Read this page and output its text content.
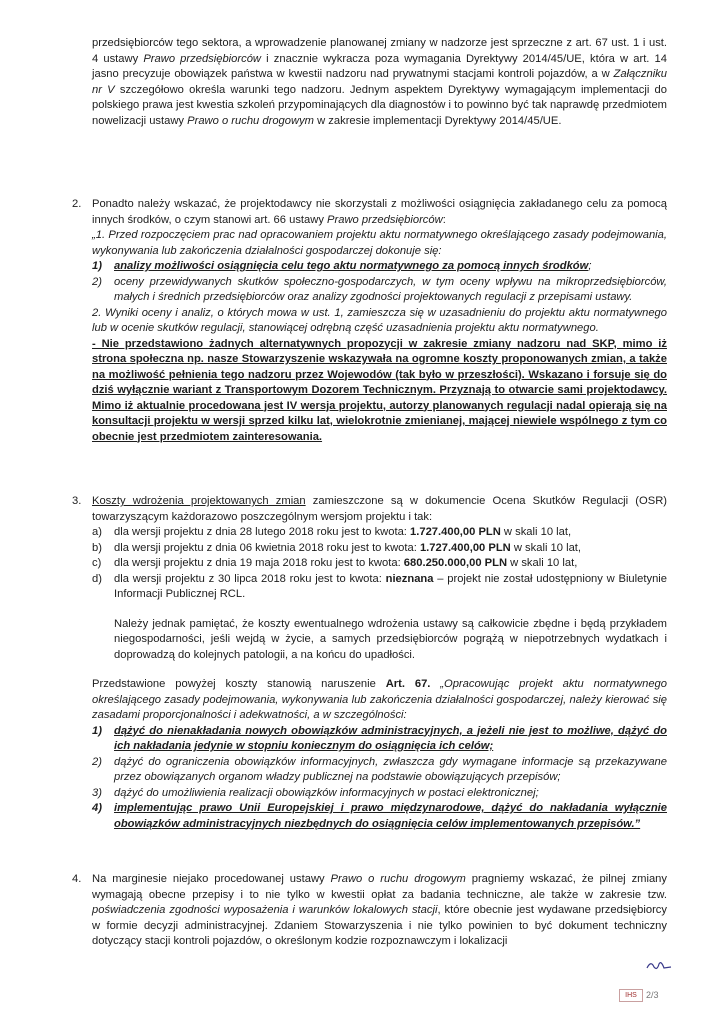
przedsiębiorców tego sektora, a wprowadzenie planowanej zmiany w nadzorze jest sprzeczne z art. 67 ust. 1 i ust. 4 ustawy Prawo przedsiębiorców i znacznie wykracza poza wymagania Dyrektywy 2014/45/UE, która w art. 14 jasno precyzuje obowiązek państwa w kwestii nadzoru nad prywatnymi stacjami kontroli pojazdów, a w Załączniku nr V szczegółowo określa warunki tego nadzoru. Jednym aspektem Dyrektywy wymagającym implementacji do polskiego prawa jest kwestia szkoleń przypominających dla diagnostów i to powinno być tak naprawdę przedmiotem nowelizacji ustawy Prawo o ruchu drogowym w zakresie implementacji Dyrektywy 2014/45/UE.

2. Ponadto należy wskazać, że projektodawcy nie skorzystali z możliwości osiągnięcia zakładanego celu za pomocą innych środków, o czym stanowi art. 66 ustawy Prawo przedsiębiorców:

„1. Przed rozpoczęciem prac nad opracowaniem projektu aktu normatywnego określającego zasady podejmowania, wykonywania lub zakończenia działalności gospodarczej dokonuje się:

1) analizy możliwości osiągnięcia celu tego aktu normatywnego za pomocą innych środków;
2) oceny przewidywanych skutków społeczno-gospodarczych, w tym oceny wpływu na mikroprzedsiębiorców, małych i średnich przedsiębiorców oraz analizy zgodności projektowanych regulacji z przepisami ustawy.

2. Wyniki oceny i analiz, o których mowa w ust. 1, zamieszcza się w uzasadnieniu do projektu aktu normatywnego lub w ocenie skutków regulacji, stanowiącej odrębną część uzasadnienia projektu aktu normatywnego.

- Nie przedstawiono żadnych alternatywnych propozycji w zakresie zmiany nadzoru nad SKP, mimo iż strona społeczna np. nasze Stowarzyszenie wskazywała na ogromne koszty proponowanych zmian, a także na możliwość pełnienia tego nadzoru przez Wojewodów (tak było w przeszłości). Wskazano i forsuje się do dziś wyłącznie wariant z Transportowym Dozorem Technicznym. Przyznają to otwarcie sami projektodawcy. Mimo iż aktualnie procedowana jest IV wersja projektu, autorzy planowanych regulacji nadal opierają się na konsultacji projektu w wersji sprzed kilku lat, wielokrotnie zmienianej, mającej niewiele wspólnego z tym co obecnie jest przedmiotem zainteresowania.

3. Koszty wdrożenia projektowanych zmian zamieszczone są w dokumencie Ocena Skutków Regulacji (OSR) towarzyszącym każdorazowo poszczególnym wersjom projektu i tak:

a) dla wersji projektu z dnia 28 lutego 2018 roku jest to kwota: 1.727.400,00 PLN w skali 10 lat,
b) dla wersji projektu z dnia 06 kwietnia 2018 roku jest to kwota: 1.727.400,00 PLN w skali 10 lat,
c) dla wersji projektu z dnia 19 maja 2018 roku jest to kwota: 680.250.000,00 PLN w skali 10 lat,
d) dla wersji projektu z 30 lipca 2018 roku jest to kwota: nieznana – projekt nie został udostępniony w Biuletynie Informacji Publicznej RCL.

Należy jednak pamiętać, że koszty ewentualnego wdrożenia ustawy są całkowicie zbędne i będą przykładem niegospodarności, jeśli wejdą w życie, a samych przedsiębiorców pogrążą w niepotrzebnych wydatkach i doprowadzą do kolejnych patologii, a na końcu do upadłości.

Przedstawione powyżej koszty stanowią naruszenie Art. 67. „Opracowując projekt aktu normatywnego określającego zasady podejmowania, wykonywania lub zakończenia działalności gospodarczej, należy kierować się zasadami proporcjonalności i adekwatności, a w szczególności:

1) dążyć do nienakładania nowych obowiązków administracyjnych, a jeżeli nie jest to możliwe, dążyć do ich nakładania jedynie w stopniu koniecznym do osiągnięcia ich celów;
2) dążyć do ograniczenia obowiązków informacyjnych, zwłaszcza gdy wymagane informacje są przekazywane przez obowiązanych organom władzy publicznej na podstawie obowiązujących przepisów;
3) dążyć do umożliwienia realizacji obowiązków informacyjnych w postaci elektronicznej;
4) implementując prawo Unii Europejskiej i prawo międzynarodowe, dążyć do nakładania wyłącznie obowiązków administracyjnych niezbędnych do osiągnięcia celów implementowanych przepisów.”
4. Na marginesie niejako procedowanej ustawy Prawo o ruchu drogowym pragniemy wskazać, że pilnej zmiany wymagają obecne przepisy i to nie tylko w kwestii opłat za badania techniczne, ale także w zakresie tzw. poświadczenia zgodności wyposażenia i warunków lokalowych stacji, które obecnie jest wydawane przedsiębiorcy w formie decyzji administracyjnej. Zdaniem Stowarzyszenia i nie tylko powinien to być dokument techniczny dotyczący stacji kontroli pojazdów, o określonym kodzie rozpoznawczym i lokalizacji

IHS 2/3
